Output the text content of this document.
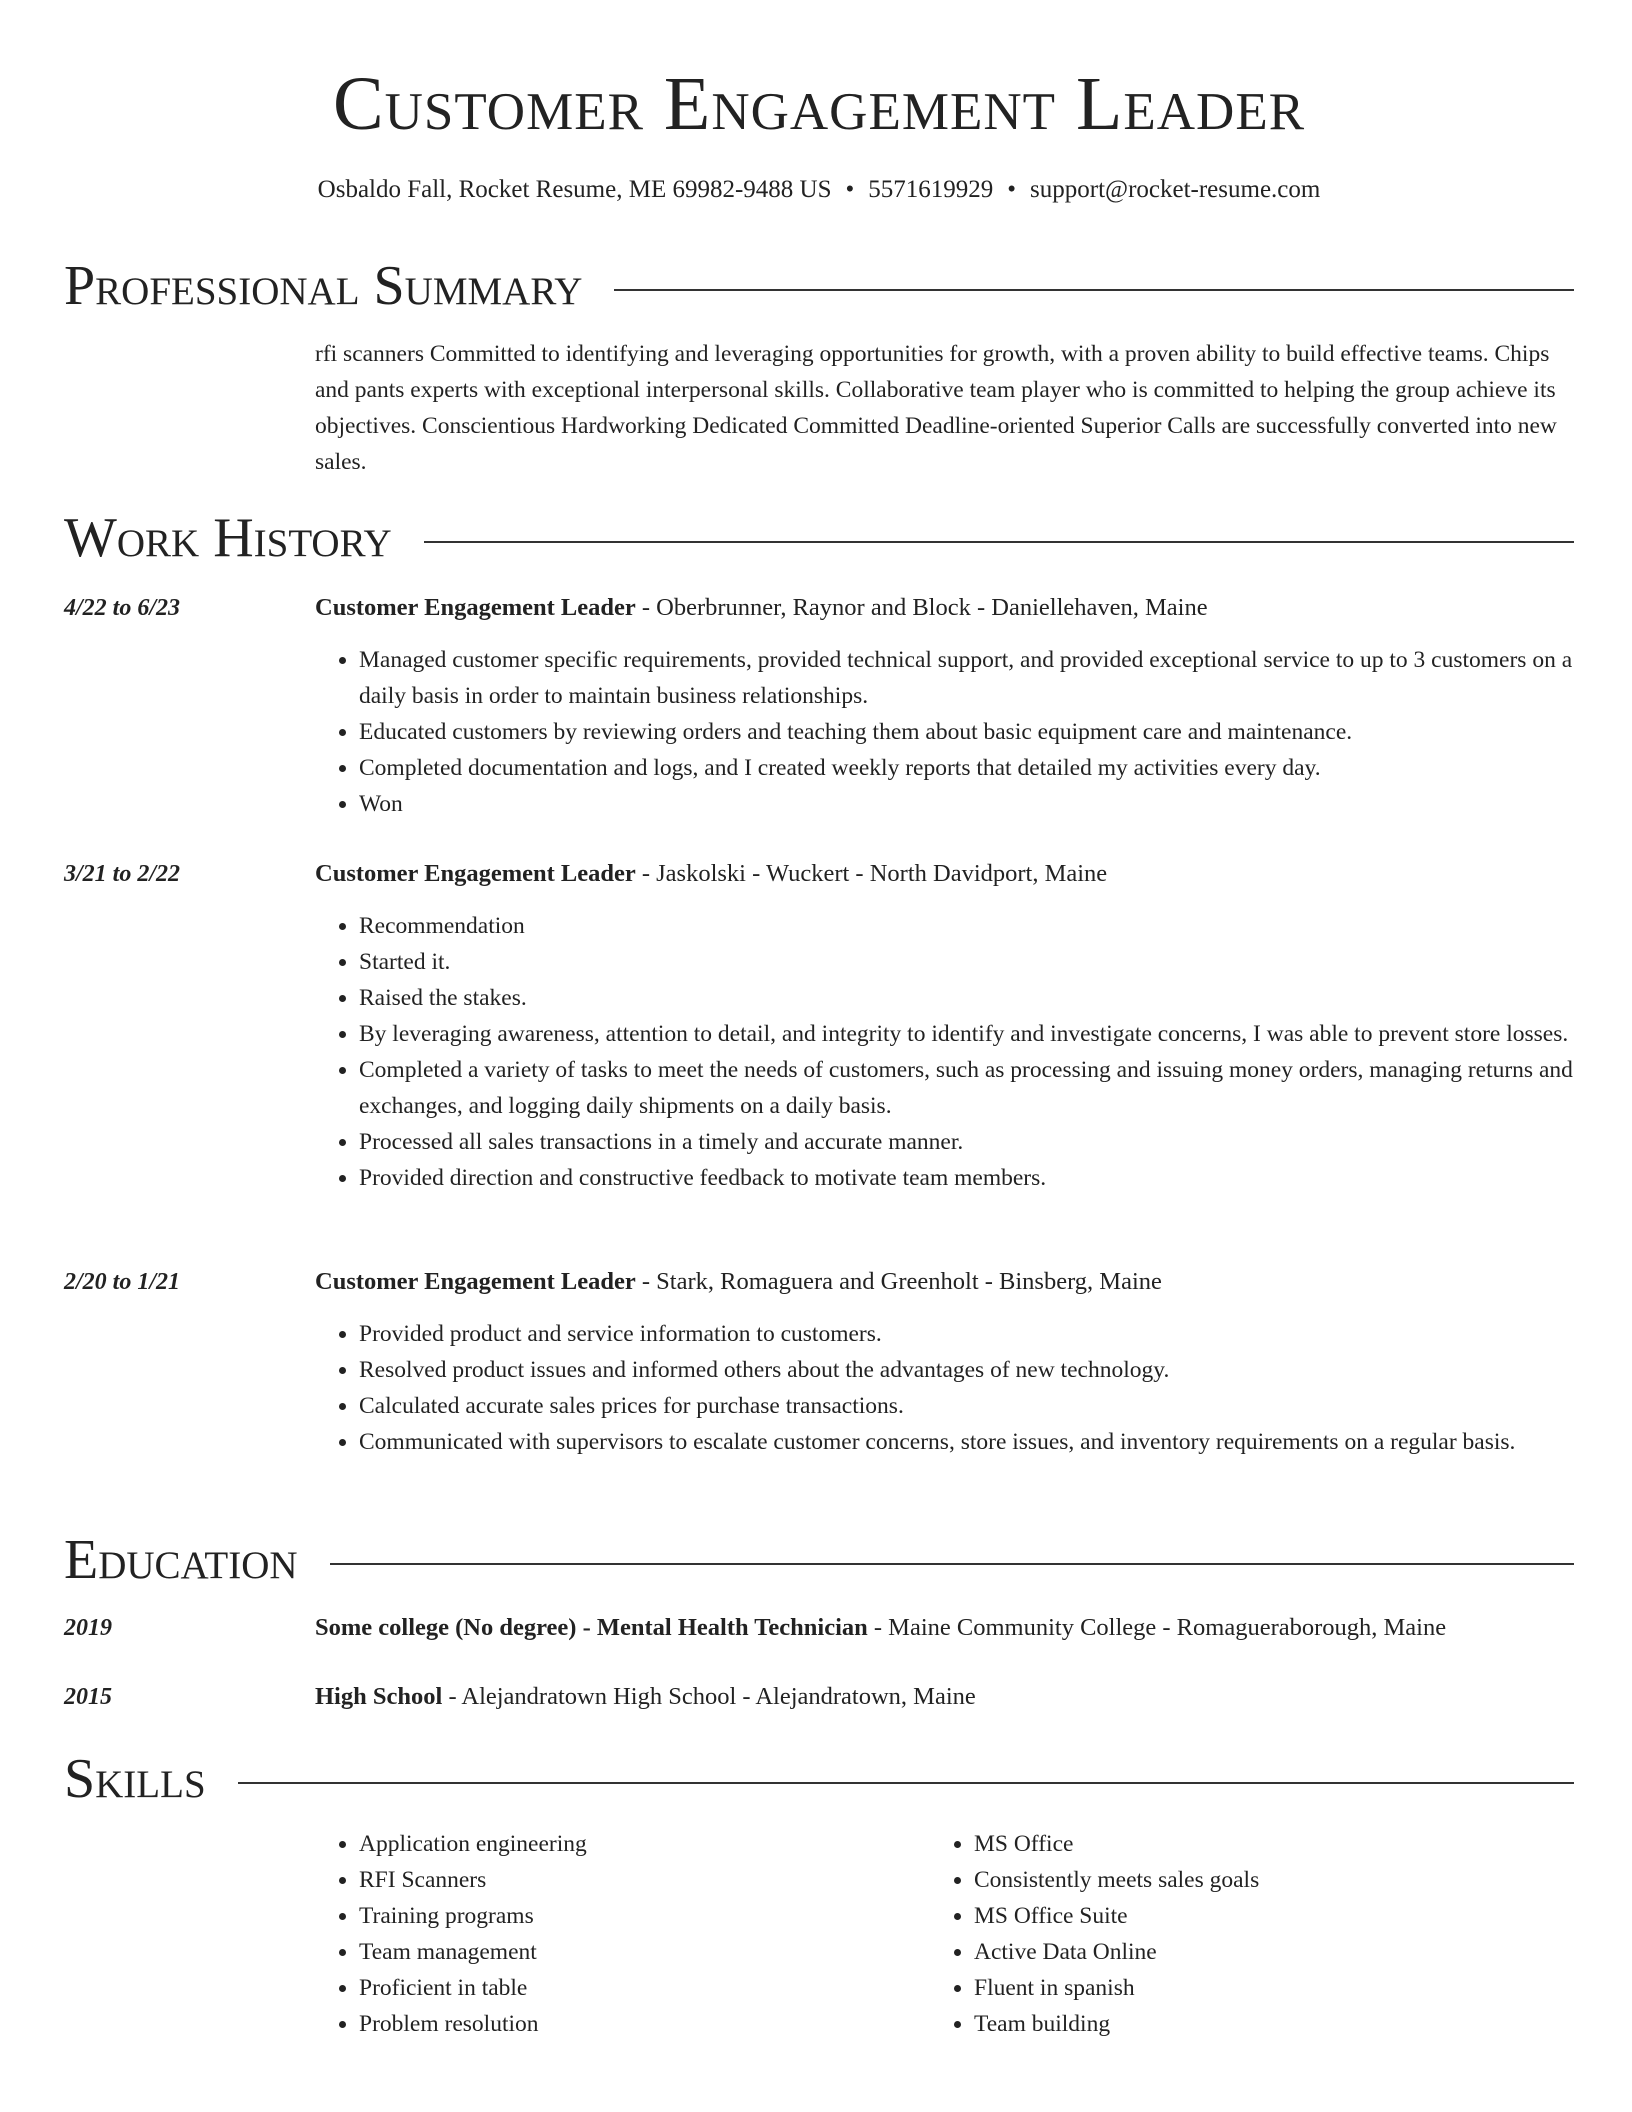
Customer Engagement Leader
Osbaldo Fall, Rocket Resume, ME 69982-9488 US • 5571619929 • support@rocket-resume.com
Professional Summary

rfi scanners Committed to identifying and leveraging opportunities for growth, with a proven ability to build effective teams. Chips and pants experts with exceptional interpersonal skills. Collaborative team player who is committed to helping the group achieve its objectives. Conscientious Hardworking Dedicated Committed Deadline-oriented Superior Calls are successfully converted into new sales.

Work History
4/22 to 6/23	Customer Engagement Leader - Oberbrunner, Raynor and Block - Daniellehaven, Maine
• Managed customer specific requirements, provided technical support, and provided exceptional service to up to 3 customers on a daily basis in order to maintain business relationships.
• Educated customers by reviewing orders and teaching them about basic equipment care and maintenance.
• Completed documentation and logs, and I created weekly reports that detailed my activities every day.
• Won
3/21 to 2/22	Customer Engagement Leader - Jaskolski - Wuckert - North Davidport, Maine
• Recommendation
• Started it.
• Raised the stakes.
• By leveraging awareness, attention to detail, and integrity to identify and investigate concerns, I was able to prevent store losses.
• Completed a variety of tasks to meet the needs of customers, such as processing and issuing money orders, managing returns and exchanges, and logging daily shipments on a daily basis.
• Processed all sales transactions in a timely and accurate manner.
• Provided direction and constructive feedback to motivate team members.
2/20 to 1/21	Customer Engagement Leader - Stark, Romaguera and Greenholt - Binsberg, Maine
• Provided product and service information to customers.
• Resolved product issues and informed others about the advantages of new technology.
• Calculated accurate sales prices for purchase transactions.
• Communicated with supervisors to escalate customer concerns, store issues, and inventory requirements on a regular basis.
Education
2019	Some college (No degree) - Mental Health Technician - Maine Community College - Romagueraborough, Maine
2015	High School - Alejandratown High School - Alejandratown, Maine
Skills
• Application engineering
• RFI Scanners
• Training programs
• Team management
• Proficient in table
• Problem resolution
• MS Office
• Consistently meets sales goals
• MS Office Suite
• Active Data Online
• Fluent in spanish
• Team building
